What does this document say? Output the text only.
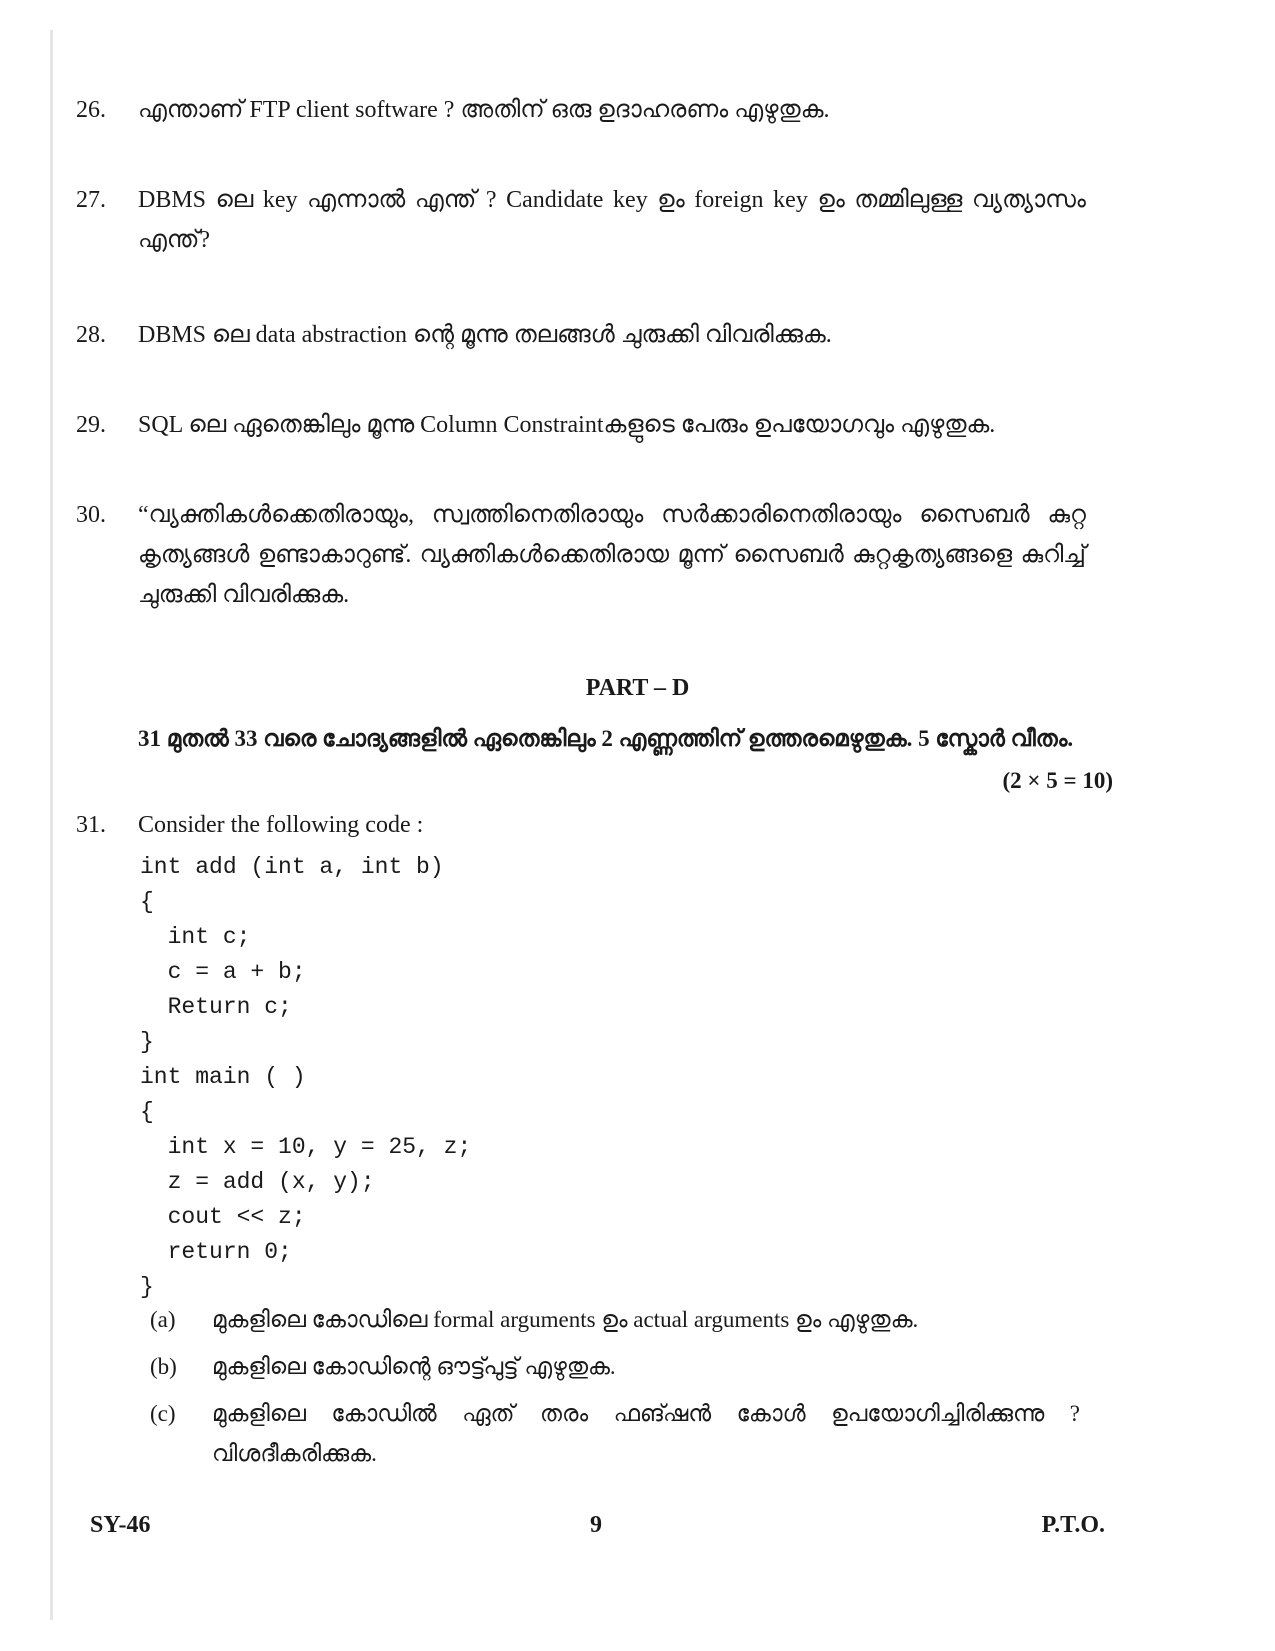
26.	എന്താണ് FTP client software ? അതിന് ഒരു ഉദാഹരണം എഴുതുക.
27.	DBMS ലെ key എന്നാൽ എന്ത് ? Candidate key ഉം foreign key ഉം തമ്മിലുള്ള വ്യത്യാസം എന്ത്?
28.	DBMS ലെ data abstraction ന്റെ മൂന്നു തലങ്ങൾ ചുരുക്കി വിവരിക്കുക.
29.	SQL ലെ ഏതെങ്കിലും മൂന്നു Column Constraintകളുടെ പേരും ഉപയോഗവും എഴുതുക.
30.	“വ്യക്തികൾക്കെതിരായും, സ്വത്തിനെതിരായും സർക്കാരിനെതിരായും സൈബർ കുറ്റ കൃത്യങ്ങൾ ഉണ്ടാകാറുണ്ട്. വ്യക്തികൾക്കെതിരായ മൂന്ന് സൈബർ കുറ്റകൃത്യങ്ങളെ കുറിച്ച് ചുരുക്കി വിവരിക്കുക.
PART – D
31 മുതൽ 33 വരെ ചോദ്യങ്ങളിൽ ഏതെങ്കിലും 2 എണ്ണത്തിന് ഉത്തരമെഴുതുക. 5 സ്കോർ വീതം.
(2 × 5 = 10)
31.	Consider the following code :
int add (int a, int b)
{
int c;
c = a + b;
Return c;
}
int main ( )
{
int x = 10, y = 25, z;
z = add (x, y);
cout << z;
return 0;
}
(a) മുകളിലെ കോഡിലെ formal arguments ഉം actual arguments ഉം എഴുതുക.
(b) മുകളിലെ കോഡിന്റെ ഔട്ട്പുട്ട് എഴുതുക.
(c) മുകളിലെ കോഡിൽ ഏത് തരം ഫങ്ഷൻ കോൾ ഉപയോഗിച്ചിരിക്കുന്നു ? വിശദീകരിക്കുക.
SY-46	9	P.T.O.
